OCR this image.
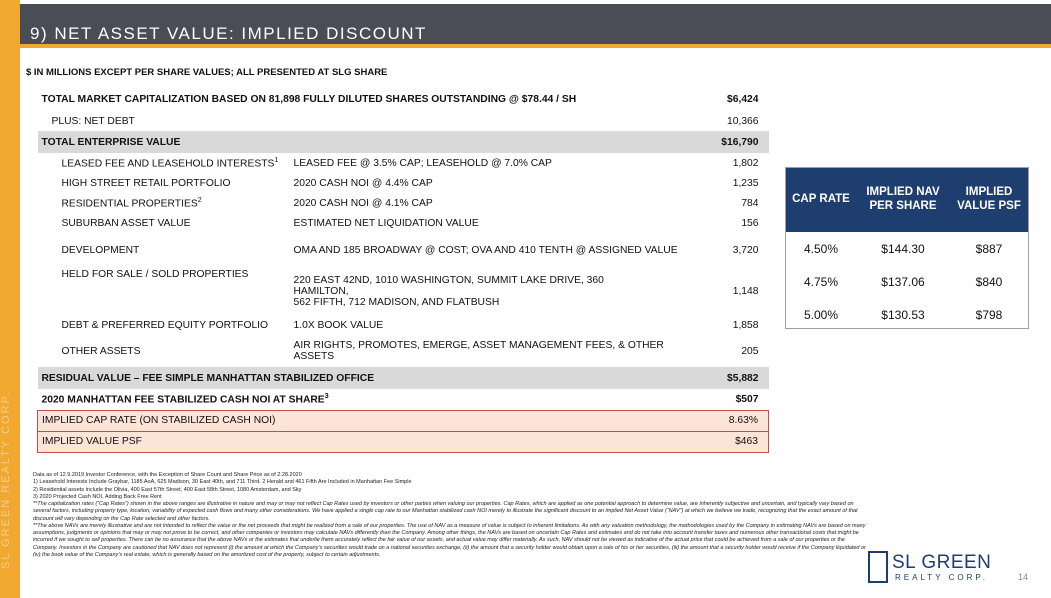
SL GREEN REALTY CORP.
9) NET ASSET VALUE: IMPLIED DISCOUNT
$ IN MILLIONS EXCEPT PER SHARE VALUES; ALL PRESENTED AT SLG SHARE
TOTAL MARKET CAPITALIZATION BASED ON 81,898 FULLY DILUTED SHARES OUTSTANDING @ $78.44 / SH		$6,424
PLUS: NET DEBT		10,366
TOTAL ENTERPRISE VALUE		$16,790
LEASED FEE AND LEASEHOLD INTERESTS$^1$	LEASED FEE @ 3.5% CAP; LEASEHOLD @ 7.0% CAP	1,802
HIGH STREET RETAIL PORTFOLIO	2020 CASH NOI @ 4.4% CAP	1,235
RESIDENTIAL PROPERTIES$^2$	2020 CASH NOI @ 4.1% CAP	784
SUBURBAN ASSET VALUE	ESTIMATED NET LIQUIDATION VALUE	156
DEVELOPMENT	OMA AND 185 BROADWAY @ COST; OVA AND 410 TENTH @ ASSIGNED VALUE	3,720
HELD FOR SALE / SOLD PROPERTIES	220 EAST 42ND, 1010 WASHINGTON, SUMMIT LAKE DRIVE, 360
HAMILTON,
562 FIFTH, 712 MADISON, AND FLATBUSH	1,148
DEBT & PREFERRED EQUITY PORTFOLIO	1.0X BOOK VALUE	1,858
OTHER ASSETS	AIR RIGHTS, PROMOTES, EMERGE, ASSET MANAGEMENT FEES, & OTHER ASSETS	205
RESIDUAL VALUE – FEE SIMPLE MANHATTAN STABILIZED OFFICE		$5,882
2020 MANHATTAN FEE STABILIZED CASH NOI AT SHARE$^3$		$507
IMPLIED CAP RATE (ON STABILIZED CASH NOI)		8.63%
IMPLIED VALUE PSF		$463
CAP RATE	IMPLIED NAV PER SHARE	IMPLIED VALUE PSF
4.50%	$144.30	$887
4.75%	$137.06	$840
5.00%	$130.53	$798

Data as of 12.9.2019 Investor Conference, with the Exception of Share Count and Share Price as of 2.28.2020

1) Leasehold Interests Include Graybar, 1185 AoA, 625 Madison, 30 East 40th, and 711 Third. 2 Herald and 461 Fifth Are Included in Manhattan Fee Simple

2) Residential assets include the Olivia, 400 East 57th Street, 400 East 58th Street, 1080 Amsterdam, and Sky

3) 2020 Projected Cash NOI, Adding Back Free Rent

**The capitalization rates (“Cap Rates”) shown in the above ranges are illustrative in nature and may or may not reflect Cap Rates used by investors or other parties when valuing our properties. Cap Rates, which are applied as one potential approach to determine value, are inherently subjective and uncertain, and typically vary based on several factors, including property type, location, variability of expected cash flows and many other considerations. We have applied a single cap rate to our Manhattan stabilized cash NOI merely to illustrate the significant discount to an implied Net Asset Value (“NAV”) at which we believe we trade, recognizing that the exact amount of that discount will vary depending on the Cap Rate selected and other factors.

**The above NAVs are merely illustrative and are not intended to reflect the value or the net proceeds that might be realized from a sale of our properties. The use of NAV as a measure of value is subject to inherent limitations. As with any valuation methodology, the methodologies used by the Company in estimating NAVs are based on many assumptions, judgments or opinions that may or may not prove to be correct, and other companies or investors may calculate NAVs differently than the Company. Among other things, the NAVs are based on uncertain Cap Rates and estimates and do not take into account transfer taxes and numerous other transactional costs that might be incurred if we sought to sell properties. There can be no assurance that the above NAVs or the estimates that underlie them accurately reflect the fair value of our assets, and actual value may differ materially. As such, NAV should not be viewed as indicative of the actual price that could be achieved from a sale of our properties or the Company. Investors in the Company are cautioned that NAV does not represent (i) the amount at which the Company’s securities would trade on a national securities exchange, (ii) the amount that a security holder would obtain upon a sale of his or her securities, (iii) the amount that a security holder would receive if the Company liquidated or (iv) the book value of the Company’s real estate, which is generally based on the amortized cost of the property, subject to certain adjustments.	SL GREEN
REALTY CORP.	14
